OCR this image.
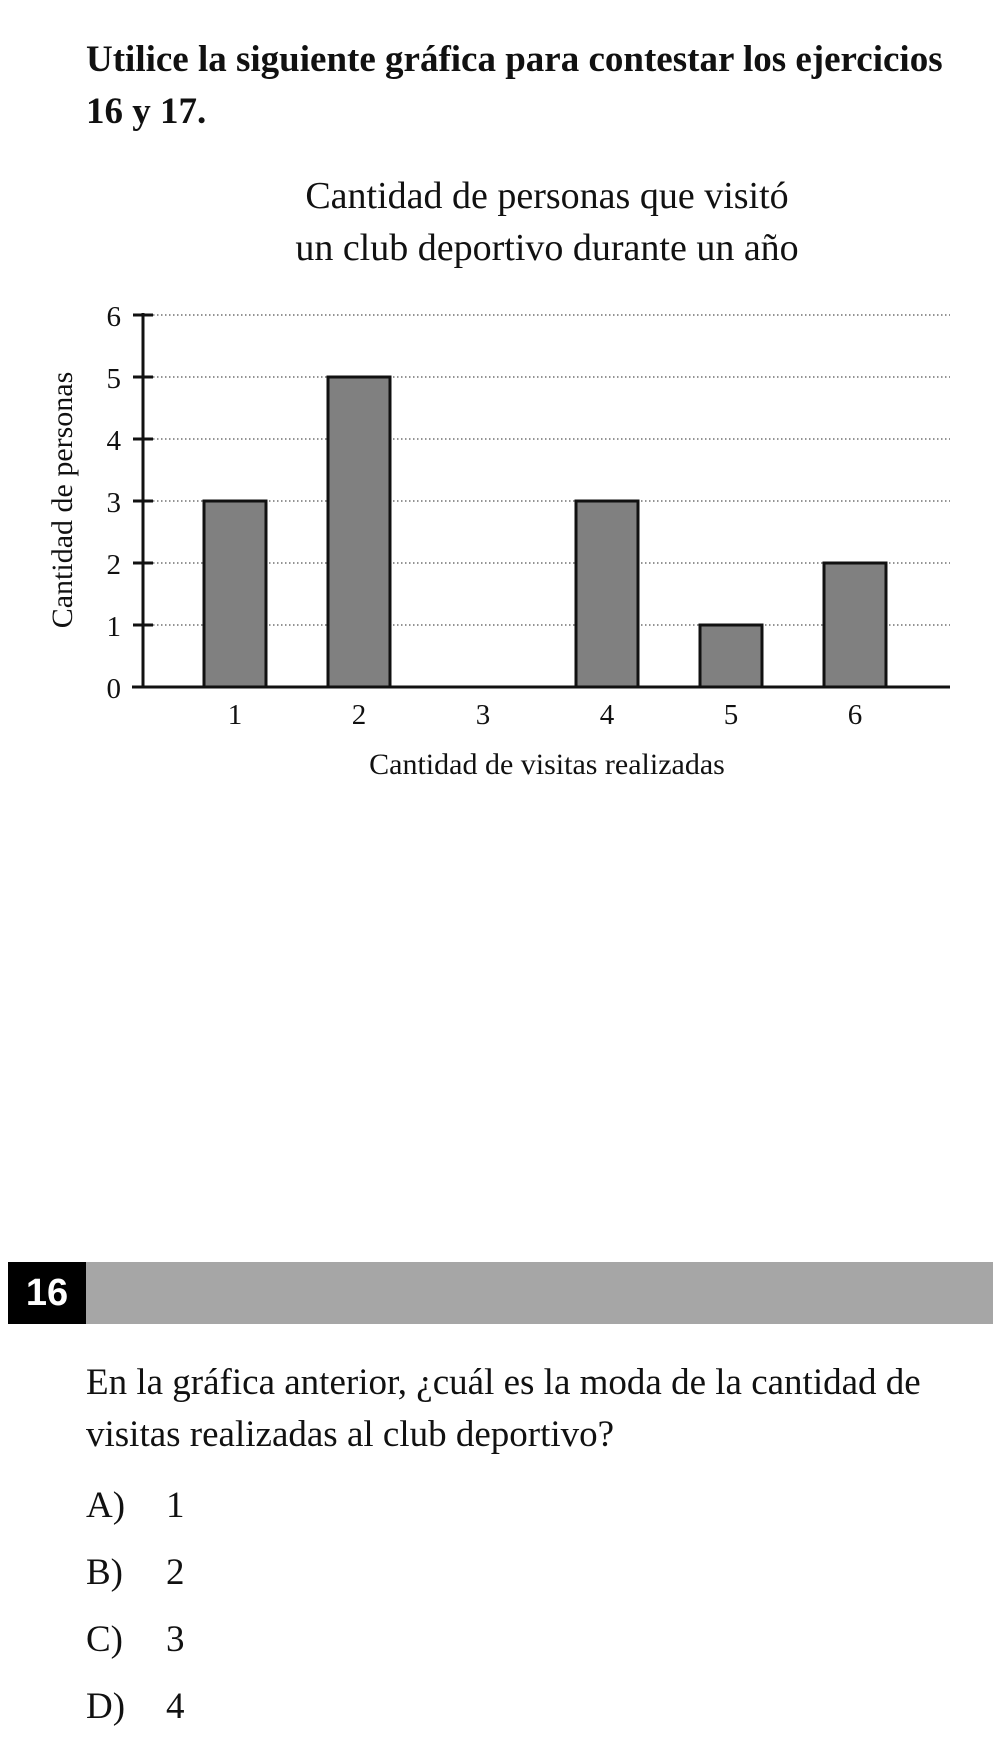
Utilice la siguiente gráfica para contestar los ejercicios 16 y 17.

Cantidad de personas que visitó
un club deportivo durante un año
0
1
2
3
4
5
6
1	2	3	4	5	6
Cantidad de visitas realizadas
Cantidad de personas
16

En la gráfica anterior, ¿cuál es la moda de la cantidad de visitas realizadas al club deportivo?

A) 1
B) 2
C) 3
D) 4
